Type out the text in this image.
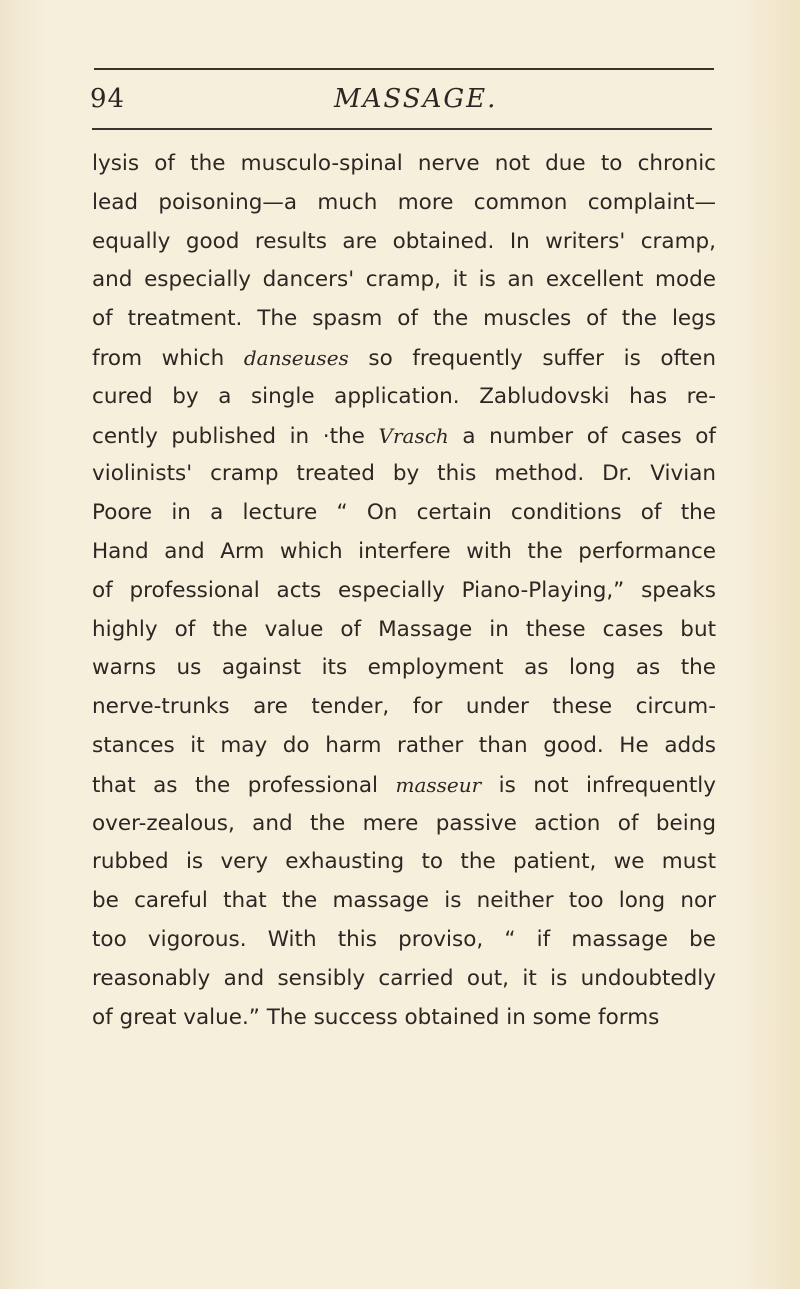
94	MASSAGE.
lysis of the musculo-spinal nerve not due to chronic
lead poisoning—a much more common complaint—
equally good results are obtained. In writers' cramp,
and especially dancers' cramp, it is an excellent mode
of treatment. The spasm of the muscles of the legs
from which danseuses so frequently suffer is often
cured by a single application. Zabludovski has re-
cently published in ·the Vrasch a number of cases of
violinists' cramp treated by this method. Dr. Vivian
Poore in a lecture “ On certain conditions of the
Hand and Arm which interfere with the performance
of professional acts especially Piano-Playing,” speaks
highly of the value of Massage in these cases but
warns us against its employment as long as the
nerve-trunks are tender, for under these circum-
stances it may do harm rather than good. He adds
that as the professional masseur is not infrequently
over-zealous, and the mere passive action of being
rubbed is very exhausting to the patient, we must
be careful that the massage is neither too long nor
too vigorous. With this proviso, “ if massage be
reasonably and sensibly carried out, it is undoubtedly
of great value.” The success obtained in some forms
